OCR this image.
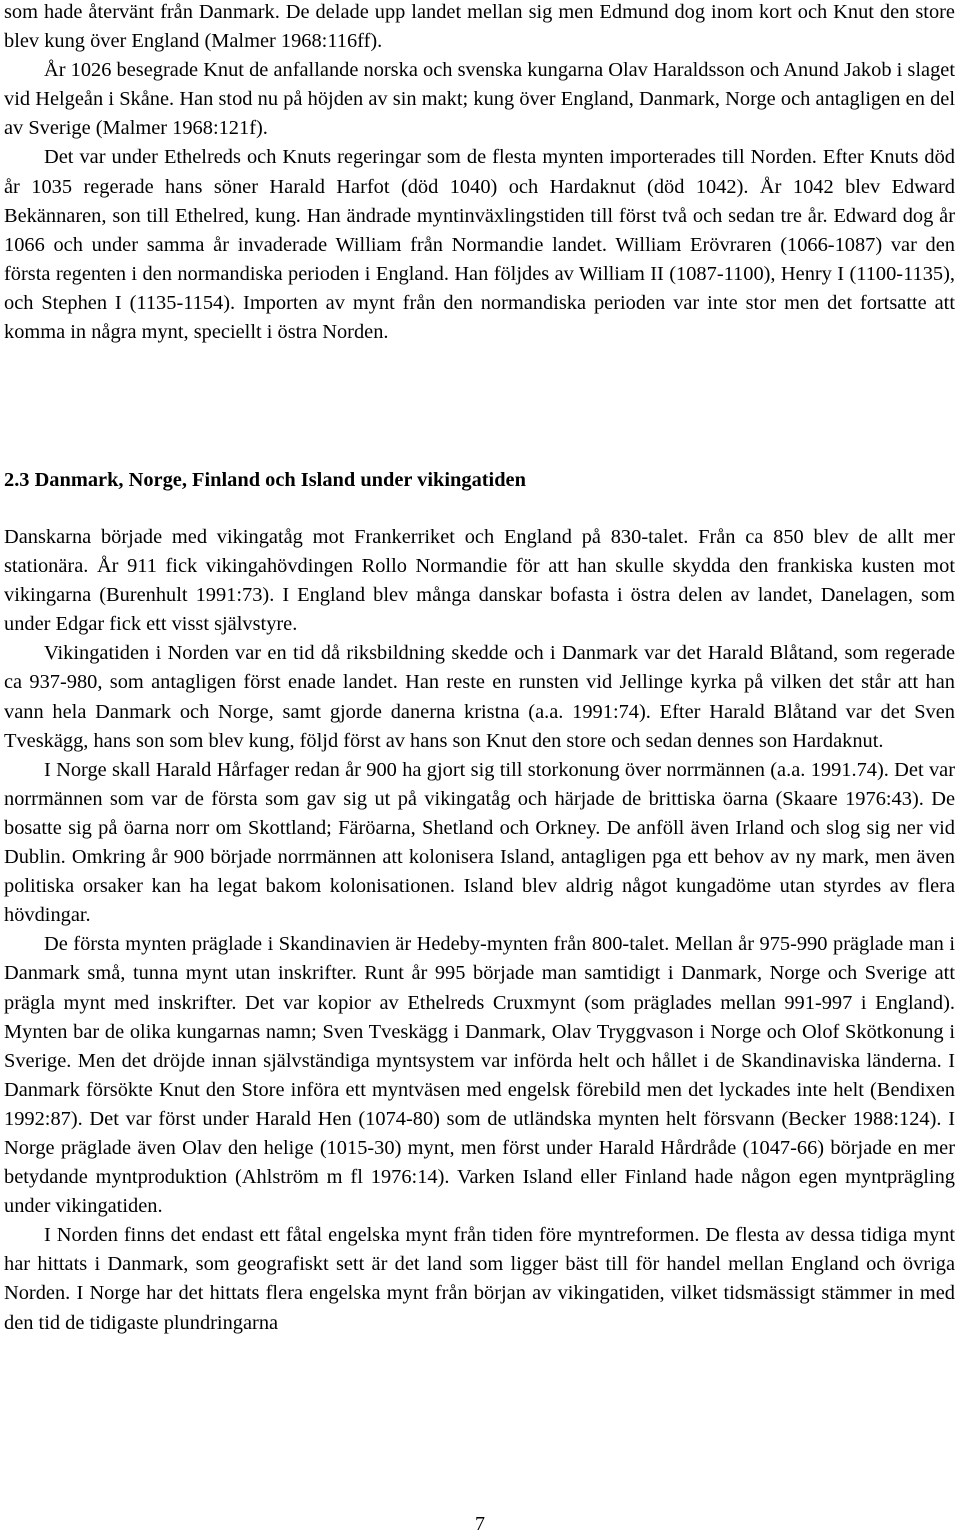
som hade återvänt från Danmark. De delade upp landet mellan sig men Edmund dog inom kort och Knut den store blev kung över England (Malmer 1968:116ff).

År 1026 besegrade Knut de anfallande norska och svenska kungarna Olav Haraldsson och Anund Jakob i slaget vid Helgeån i Skåne. Han stod nu på höjden av sin makt; kung över England, Danmark, Norge och antagligen en del av Sverige (Malmer 1968:121f).

Det var under Ethelreds och Knuts regeringar som de flesta mynten importerades till Norden. Efter Knuts död år 1035 regerade hans söner Harald Harfot (död 1040) och Hardaknut (död 1042). År 1042 blev Edward Bekännaren, son till Ethelred, kung. Han ändrade myntinväxlingstiden till först två och sedan tre år. Edward dog år 1066 och under samma år invaderade William från Normandie landet. William Erövraren (1066-1087) var den första regenten i den normandiska perioden i England. Han följdes av William II (1087-1100), Henry I (1100-1135), och Stephen I (1135-1154). Importen av mynt från den normandiska perioden var inte stor men det fortsatte att komma in några mynt, speciellt i östra Norden.

2.3 Danmark, Norge, Finland och Island under vikingatiden

Danskarna började med vikingatåg mot Frankerriket och England på 830-talet. Från ca 850 blev de allt mer stationära. År 911 fick vikingahövdingen Rollo Normandie för att han skulle skydda den frankiska kusten mot vikingarna (Burenhult 1991:73). I England blev många danskar bofasta i östra delen av landet, Danelagen, som under Edgar fick ett visst självstyre.

Vikingatiden i Norden var en tid då riksbildning skedde och i Danmark var det Harald Blåtand, som regerade ca 937-980, som antagligen först enade landet. Han reste en runsten vid Jellinge kyrka på vilken det står att han vann hela Danmark och Norge, samt gjorde danerna kristna (a.a. 1991:74). Efter Harald Blåtand var det Sven Tveskägg, hans son som blev kung, följd först av hans son Knut den store och sedan dennes son Hardaknut.

I Norge skall Harald Hårfager redan år 900 ha gjort sig till storkonung över norrmännen (a.a. 1991.74). Det var norrmännen som var de första som gav sig ut på vikingatåg och härjade de brittiska öarna (Skaare 1976:43). De bosatte sig på öarna norr om Skottland; Färöarna, Shetland och Orkney. De anföll även Irland och slog sig ner vid Dublin. Omkring år 900 började norrmännen att kolonisera Island, antagligen pga ett behov av ny mark, men även politiska orsaker kan ha legat bakom kolonisationen. Island blev aldrig något kungadöme utan styrdes av flera hövdingar.

De första mynten präglade i Skandinavien är Hedeby-mynten från 800-talet. Mellan år 975-990 präglade man i Danmark små, tunna mynt utan inskrifter. Runt år 995 började man samtidigt i Danmark, Norge och Sverige att prägla mynt med inskrifter. Det var kopior av Ethelreds Cruxmynt (som präglades mellan 991-997 i England). Mynten bar de olika kungarnas namn; Sven Tveskägg i Danmark, Olav Tryggvason i Norge och Olof Skötkonung i Sverige. Men det dröjde innan självständiga myntsystem var införda helt och hållet i de Skandinaviska länderna. I Danmark försökte Knut den Store införa ett myntväsen med engelsk förebild men det lyckades inte helt (Bendixen 1992:87). Det var först under Harald Hen (1074-80) som de utländska mynten helt försvann (Becker 1988:124). I Norge präglade även Olav den helige (1015-30) mynt, men först under Harald Hårdråde (1047-66) började en mer betydande myntproduktion (Ahlström m fl 1976:14). Varken Island eller Finland hade någon egen myntprägling under vikingatiden.

I Norden finns det endast ett fåtal engelska mynt från tiden före myntreformen. De flesta av dessa tidiga mynt har hittats i Danmark, som geografiskt sett är det land som ligger bäst till för handel mellan England och övriga Norden. I Norge har det hittats flera engelska mynt från början av vikingatiden, vilket tidsmässigt stämmer in med den tid de tidigaste plundringarna

7
